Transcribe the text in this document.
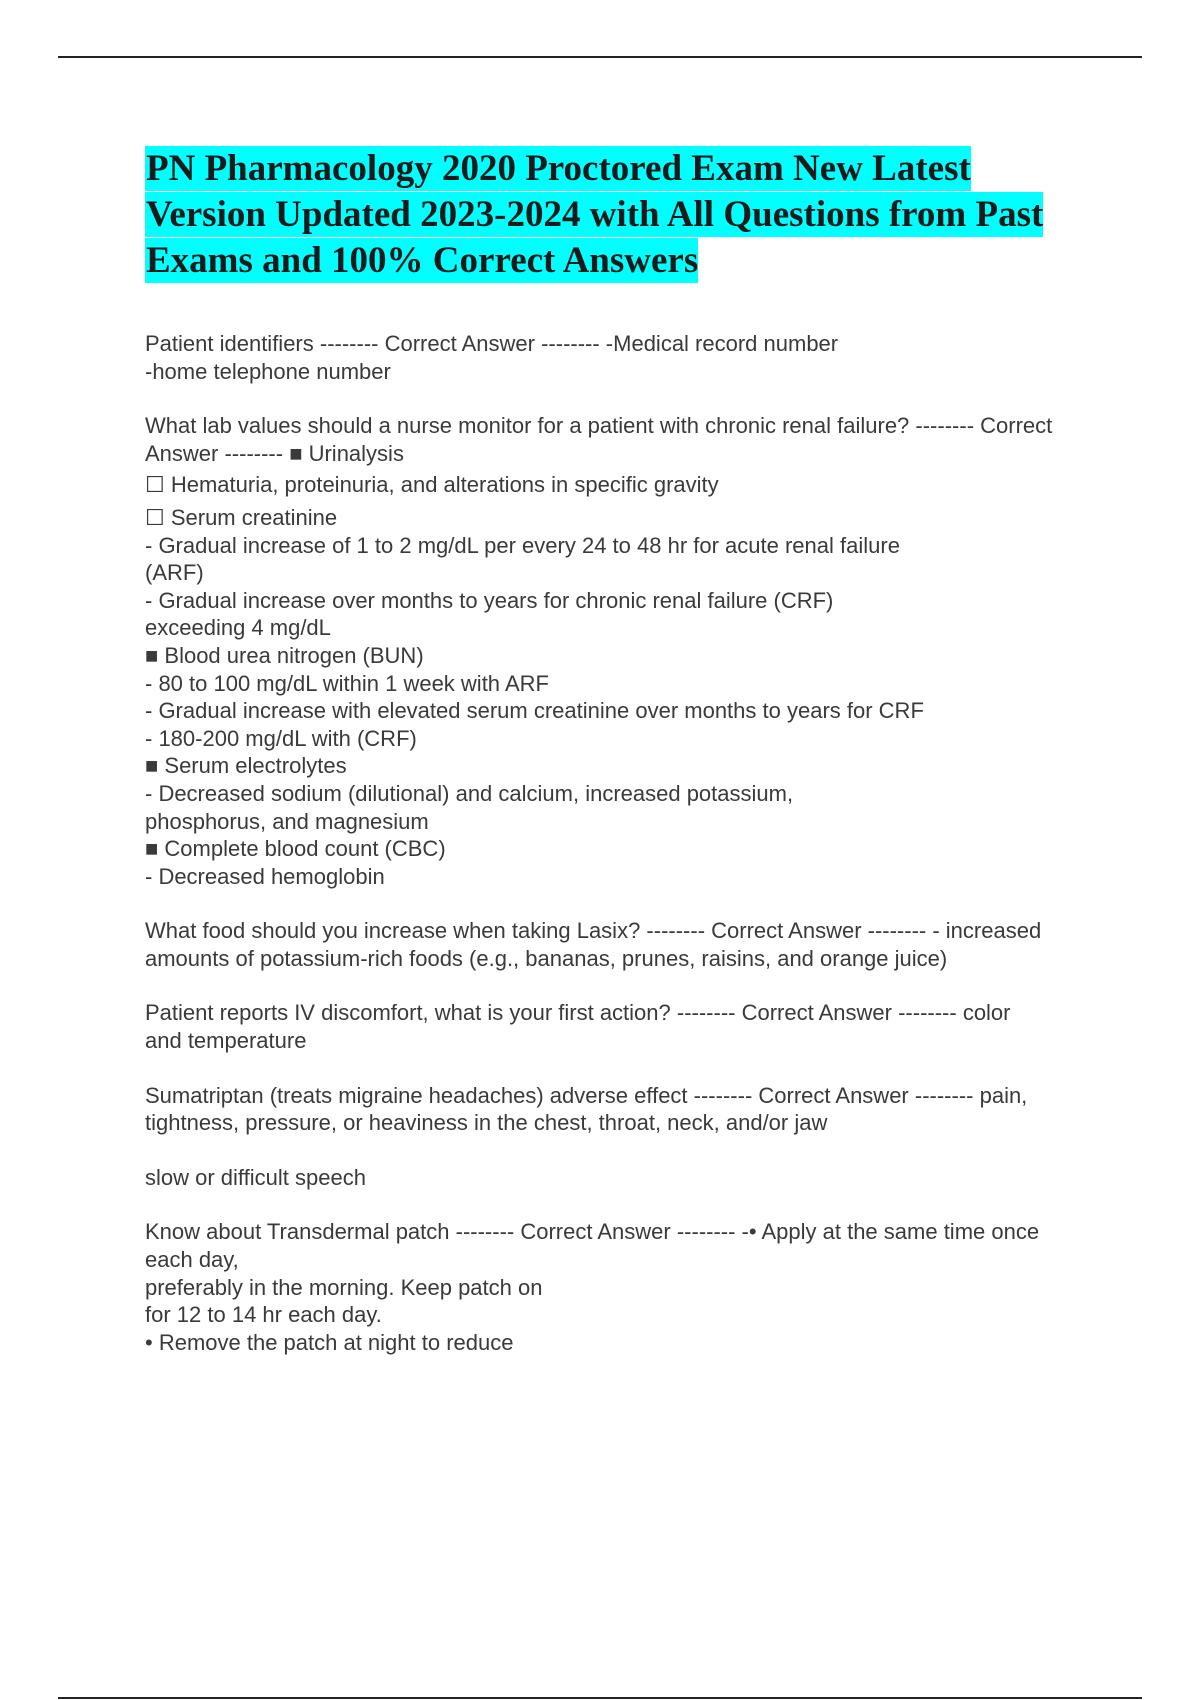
PN Pharmacology 2020 Proctored Exam New Latest Version Updated 2023-2024 with All Questions from Past Exams and 100% Correct Answers
Patient identifiers -------- Correct Answer -------- -Medical record number
-home telephone number
What lab values should a nurse monitor for a patient with chronic renal failure? -------- Correct Answer -------- ■ Urinalysis
☐ Hematuria, proteinuria, and alterations in specific gravity
☐ Serum creatinine
- Gradual increase of 1 to 2 mg/dL per every 24 to 48 hr for acute renal failure (ARF)
- Gradual increase over months to years for chronic renal failure (CRF) exceeding 4 mg/dL
■ Blood urea nitrogen (BUN)
- 80 to 100 mg/dL within 1 week with ARF
- Gradual increase with elevated serum creatinine over months to years for CRF
- 180-200 mg/dL with (CRF)
■ Serum electrolytes
- Decreased sodium (dilutional) and calcium, increased potassium, phosphorus, and magnesium
■ Complete blood count (CBC)
- Decreased hemoglobin
What food should you increase when taking Lasix? -------- Correct Answer -------- - increased amounts of potassium-rich foods (e.g., bananas, prunes, raisins, and orange juice)
Patient reports IV discomfort, what is your first action? -------- Correct Answer -------- color and temperature
Sumatriptan (treats migraine headaches) adverse effect -------- Correct Answer -------- pain, tightness, pressure, or heaviness in the chest, throat, neck, and/or jaw
slow or difficult speech
Know about Transdermal patch -------- Correct Answer -------- -• Apply at the same time once each day,
preferably in the morning. Keep patch on
for 12 to 14 hr each day.
• Remove the patch at night to reduce
